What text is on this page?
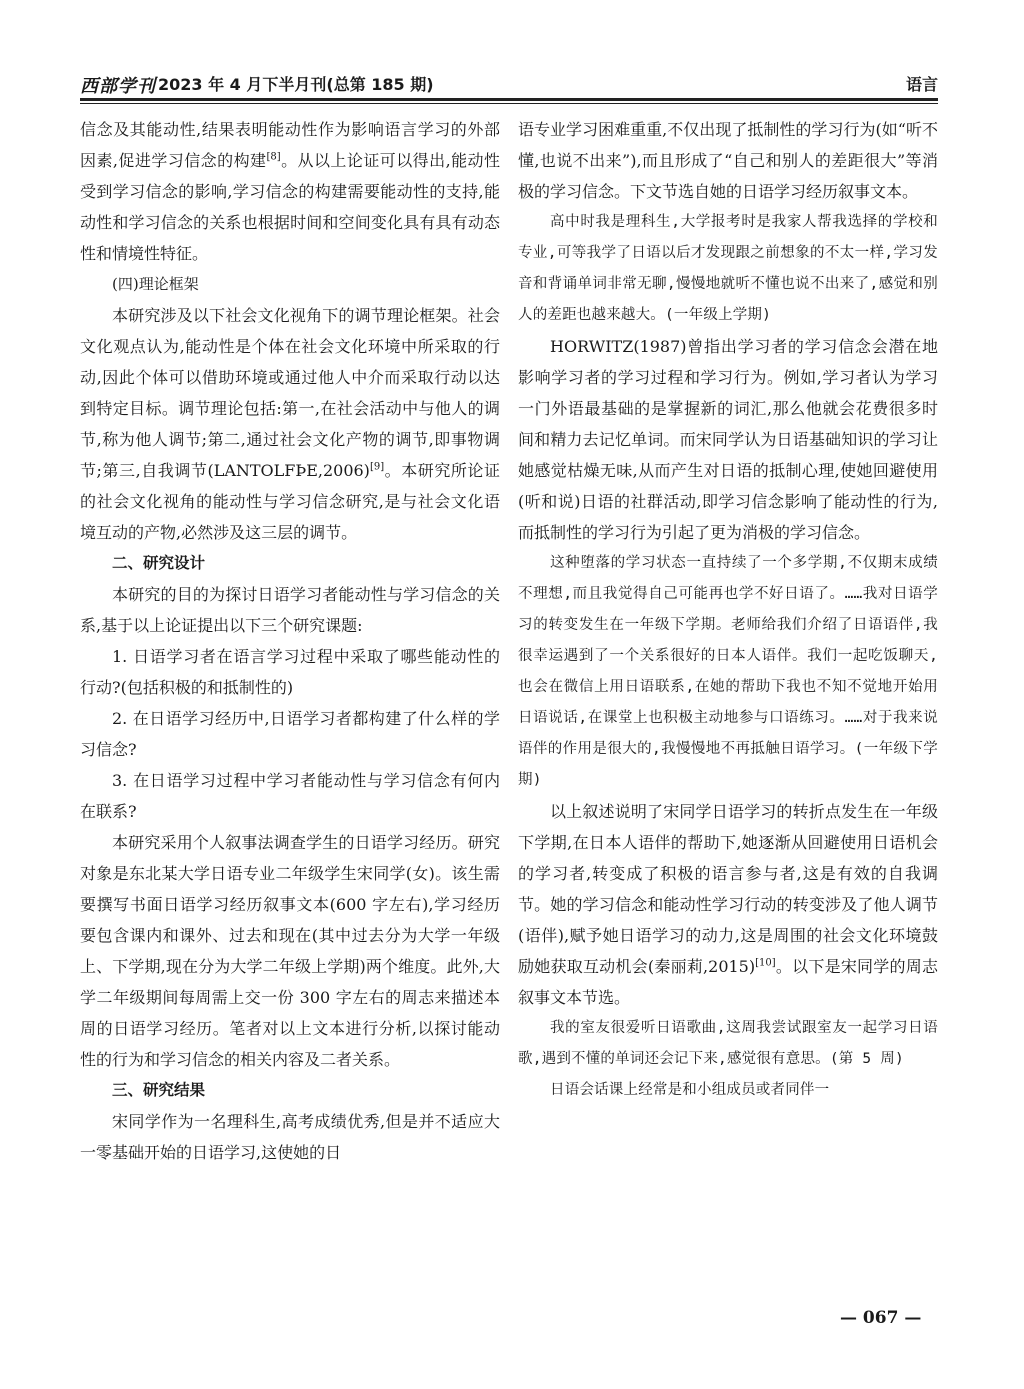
西部学刊 2023 年 4 月下半月刊(总第 185 期)	语言

信念及其能动性,结果表明能动性作为影响语言学习的外部因素,促进学习信念的构建[8]。从以上论证可以得出,能动性受到学习信念的影响,学习信念的构建需要能动性的支持,能动性和学习信念的关系也根据时间和空间变化具有具有动态性和情境性特征。

(四)理论框架

本研究涉及以下社会文化视角下的调节理论框架。社会文化观点认为,能动性是个体在社会文化环境中所采取的行动,因此个体可以借助环境或通过他人中介而采取行动以达到特定目标。调节理论包括:第一,在社会活动中与他人的调节,称为他人调节;第二,通过社会文化产物的调节,即事物调节;第三,自我调节(LANTOLFÞE,2006)[9]。本研究所论证的社会文化视角的能动性与学习信念研究,是与社会文化语境互动的产物,必然涉及这三层的调节。

二、研究设计

本研究的目的为探讨日语学习者能动性与学习信念的关系,基于以上论证提出以下三个研究课题:

1. 日语学习者在语言学习过程中采取了哪些能动性的行动?(包括积极的和抵制性的)

2. 在日语学习经历中,日语学习者都构建了什么样的学习信念?

3. 在日语学习过程中学习者能动性与学习信念有何内在联系?

本研究采用个人叙事法调查学生的日语学习经历。研究对象是东北某大学日语专业二年级学生宋同学(女)。该生需要撰写书面日语学习经历叙事文本(600 字左右),学习经历要包含课内和课外、过去和现在(其中过去分为大学一年级上、下学期,现在分为大学二年级上学期)两个维度。此外,大学二年级期间每周需上交一份 300 字左右的周志来描述本周的日语学习经历。笔者对以上文本进行分析,以探讨能动性的行为和学习信念的相关内容及二者关系。

三、研究结果

宋同学作为一名理科生,高考成绩优秀,但是并不适应大一零基础开始的日语学习,这使她的日

语专业学习困难重重,不仅出现了抵制性的学习行为(如“听不懂,也说不出来”),而且形成了“自己和别人的差距很大”等消极的学习信念。下文节选自她的日语学习经历叙事文本。

高中时我是理科生,大学报考时是我家人帮我选择的学校和专业,可等我学了日语以后才发现跟之前想象的不太一样,学习发音和背诵单词非常无聊,慢慢地就听不懂也说不出来了,感觉和别人的差距也越来越大。(一年级上学期)

HORWITZ(1987)曾指出学习者的学习信念会潜在地影响学习者的学习过程和学习行为。例如,学习者认为学习一门外语最基础的是掌握新的词汇,那么他就会花费很多时间和精力去记忆单词。而宋同学认为日语基础知识的学习让她感觉枯燥无味,从而产生对日语的抵制心理,使她回避使用(听和说)日语的社群活动,即学习信念影响了能动性的行为,而抵制性的学习行为引起了更为消极的学习信念。

这种堕落的学习状态一直持续了一个多学期,不仅期末成绩不理想,而且我觉得自己可能再也学不好日语了。……我对日语学习的转变发生在一年级下学期。老师给我们介绍了日语语伴,我很幸运遇到了一个关系很好的日本人语伴。我们一起吃饭聊天,也会在微信上用日语联系,在她的帮助下我也不知不觉地开始用日语说话,在课堂上也积极主动地参与口语练习。……对于我来说语伴的作用是很大的,我慢慢地不再抵触日语学习。(一年级下学期)

以上叙述说明了宋同学日语学习的转折点发生在一年级下学期,在日本人语伴的帮助下,她逐渐从回避使用日语机会的学习者,转变成了积极的语言参与者,这是有效的自我调节。她的学习信念和能动性学习行动的转变涉及了他人调节(语伴),赋予她日语学习的动力,这是周围的社会文化环境鼓励她获取互动机会(秦丽莉,2015)[10]。以下是宋同学的周志叙事文本节选。

我的室友很爱听日语歌曲,这周我尝试跟室友一起学习日语歌,遇到不懂的单词还会记下来,感觉很有意思。(第 5 周)

日语会话课上经常是和小组成员或者同伴一

— 067 —
